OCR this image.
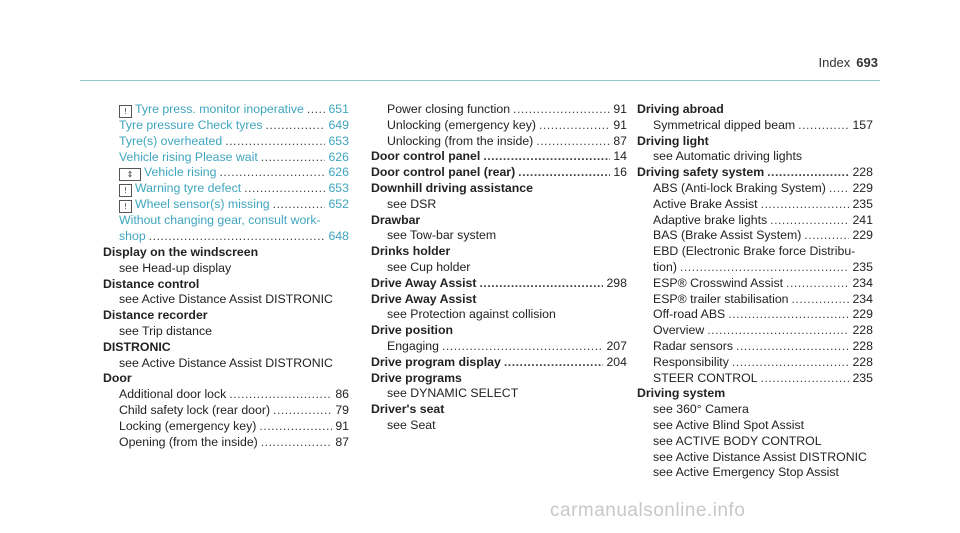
Index 693
! Tyre press. monitor inoperative ..... 651
Tyre pressure Check tyres .....	649
Tyre(s) overheated .....	653
Vehicle rising Please wait .....	626
⇕ Vehicle rising .....	626
! Warning tyre defect .....	653
! Wheel sensor(s) missing .....	652
Without changing gear, consult work-
shop .....	648
Display on the windscreen
see Head-up display
Distance control
see Active Distance Assist DISTRONIC
Distance recorder
see Trip distance
DISTRONIC
see Active Distance Assist DISTRONIC
Door
Additional door lock .....	86
Child safety lock (rear door) .....	79
Locking (emergency key) .....	91
Opening (from the inside) .....	87
Power closing function .....	91
Unlocking (emergency key) .....	91
Unlocking (from the inside) .....	87
Door control panel .....	14
Door control panel (rear) .....	16
Downhill driving assistance
see DSR
Drawbar
see Tow-bar system
Drinks holder
see Cup holder
Drive Away Assist .....	298
Drive Away Assist
see Protection against collision
Drive position
Engaging .....	207
Drive program display .....	204
Drive programs
see DYNAMIC SELECT
Driver's seat
see Seat
Driving abroad
Symmetrical dipped beam .....	157
Driving light
see Automatic driving lights
Driving safety system .....	228
ABS (Anti-lock Braking System) ..... 229
Active Brake Assist .....	235
Adaptive brake lights .....	241
BAS (Brake Assist System) .....	229
EBD (Electronic Brake force Distribu-
tion) .....	235
ESP® Crosswind Assist .....	234
ESP® trailer stabilisation .....	234
Off-road ABS .....	229
Overview .....	228
Radar sensors .....	228
Responsibility .....	228
STEER CONTROL .....	235
Driving system
see 360° Camera
see Active Blind Spot Assist
see ACTIVE BODY CONTROL
see Active Distance Assist DISTRONIC
see Active Emergency Stop Assist
carmanualsonline.info
